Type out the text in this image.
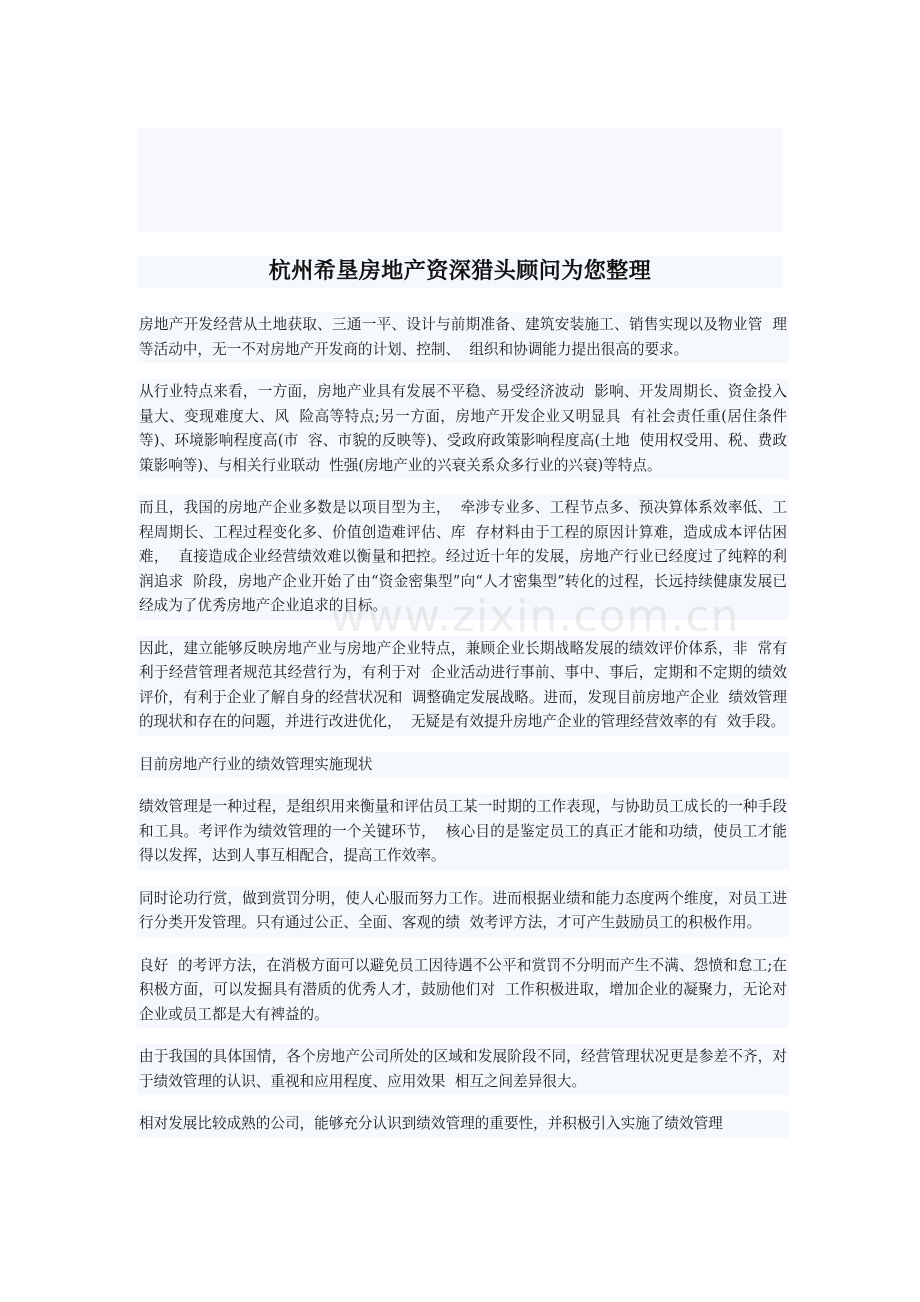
杭州希垦房地产资深猎头顾问为您整理

房地产开发经营从土地获取、三通一平、设计与前期准备、建筑安装施工、销售实现以及物业管  理等活动中，无一不对房地产开发商的计划、控制、  组织和协调能力提出很高的要求。

从行业特点来看，一方面，房地产业具有发展不平稳、易受经济波动  影响、开发周期长、资金投入量大、变现难度大、风  险高等特点;另一方面，房地产开发企业又明显具  有社会责任重(居住条件等)、环境影响程度高(市  容、市貌的反映等)、受政府政策影响程度高(土地  使用权受用、税、费政策影响等)、与相关行业联动  性强(房地产业的兴衰关系众多行业的兴衰)等特点。

而且，我国的房地产企业多数是以项目型为主，  牵涉专业多、工程节点多、预决算体系效率低、工程周期长、工程过程变化多、价值创造难评估、库  存材料由于工程的原因计算难，造成成本评估困难，  直接造成企业经营绩效难以衡量和把控。经过近十年的发展，房地产行业已经度过了纯粹的利润追求  阶段，房地产企业开始了由“资金密集型”向“人才密集型”转化的过程，长远持续健康发展已经成为了优秀房地产企业追求的目标。

因此，建立能够反映房地产业与房地产企业特点，兼顾企业长期战略发展的绩效评价体系，非  常有利于经营管理者规范其经营行为，有利于对  企业活动进行事前、事中、事后，定期和不定期的绩效评价，有利于企业了解自身的经营状况和  调整确定发展战略。进而，发现目前房地产企业  绩效管理的现状和存在的问题，并进行改进优化，  无疑是有效提升房地产企业的管理经营效率的有  效手段。

目前房地产行业的绩效管理实施现状

绩效管理是一种过程，是组织用来衡量和评估员工某一时期的工作表现，与协助员工成长的一种手段和工具。考评作为绩效管理的一个关键环节，  核心目的是鉴定员工的真正才能和功绩，使员工才能得以发挥，达到人事互相配合，提高工作效率。

同时论功行赏，做到赏罚分明，使人心服而努力工作。进而根据业绩和能力态度两个维度，对员工进行分类开发管理。只有通过公正、全面、客观的绩  效考评方法，才可产生鼓励员工的积极作用。

良好  的考评方法，在消极方面可以避免员工因待遇不公平和赏罚不分明而产生不满、怨愤和怠工;在积极方面，可以发掘具有潜质的优秀人才，鼓励他们对  工作积极进取，增加企业的凝聚力，无论对企业或员工都是大有裨益的。

由于我国的具体国情，各个房地产公司所处的区域和发展阶段不同，经营管理状况更是参差不齐，对于绩效管理的认识、重视和应用程度、应用效果  相互之间差异很大。

相对发展比较成熟的公司，能够充分认识到绩效管理的重要性，并积极引入实施了绩效管理
